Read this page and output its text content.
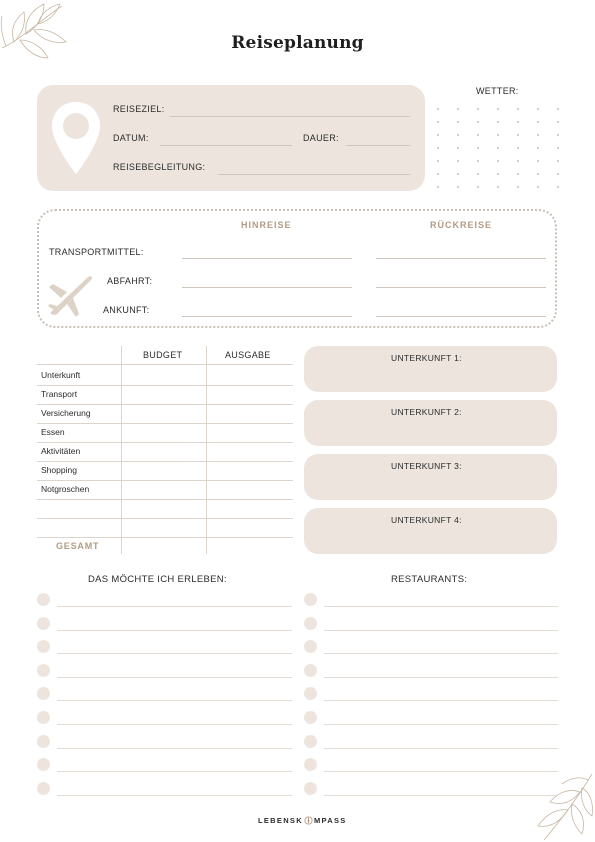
Reiseplanung
REISEZIEL:
DATUM:	DAUER:
REISEBEGLEITUNG:
WETTER:
HINREISE	RÜCKREISE
TRANSPORTMITTEL:
ABFAHRT:
ANKUNFT:
BUDGET	AUSGABE
Unterkunft
Transport
Versicherung
Essen
Aktivitäten
Shopping
Notgroschen
GESAMT
UNTERKUNFT 1:
UNTERKUNFT 2:
UNTERKUNFT 3:
UNTERKUNFT 4:
DAS MÖCHTE ICH ERLEBEN:	RESTAURANTS:
LEBENSK MPASS
